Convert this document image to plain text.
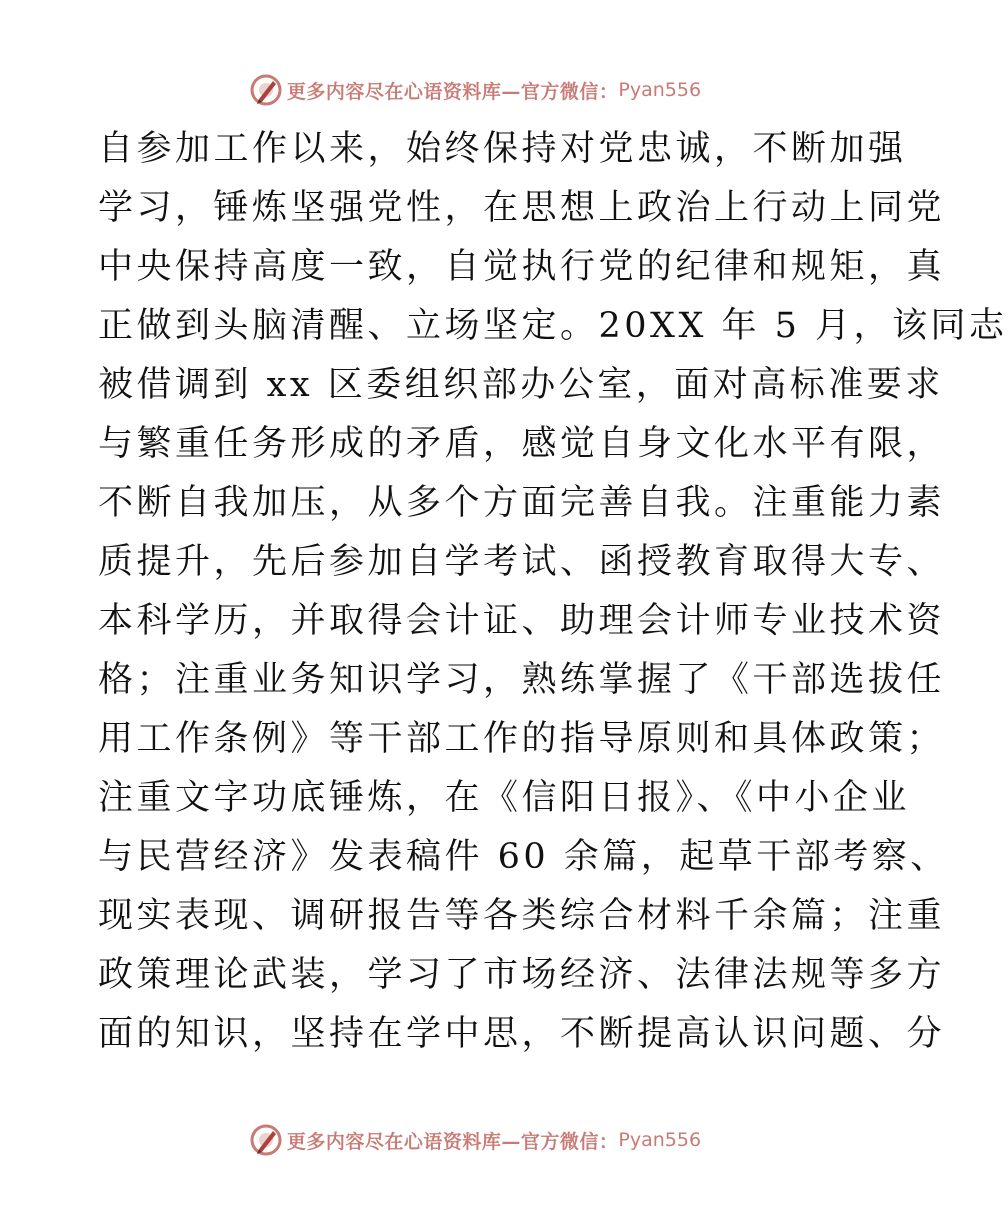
更多内容尽在心语资料库—官方微信： Pyan556
自参加工作以来，始终保持对党忠诚，不断加强
学习，锤炼坚强党性，在思想上政治上行动上同党
中央保持高度一致，自觉执行党的纪律和规矩，真
正做到头脑清醒、立场坚定。20XX 年 5 月，该同志
被借调到 xx 区委组织部办公室，面对高标准要求
与繁重任务形成的矛盾，感觉自身文化水平有限，
不断自我加压，从多个方面完善自我。注重能力素
质提升，先后参加自学考试、函授教育取得大专、
本科学历，并取得会计证、助理会计师专业技术资
格；注重业务知识学习，熟练掌握了《干部选拔任
用工作条例》等干部工作的指导原则和具体政策；
注重文字功底锤炼，在《信阳日报》、《中小企业
与民营经济》发表稿件 60 余篇，起草干部考察、
现实表现、调研报告等各类综合材料千余篇；注重
政策理论武装，学习了市场经济、法律法规等多方
面的知识，坚持在学中思，不断提高认识问题、分
更多内容尽在心语资料库—官方微信： Pyan556
